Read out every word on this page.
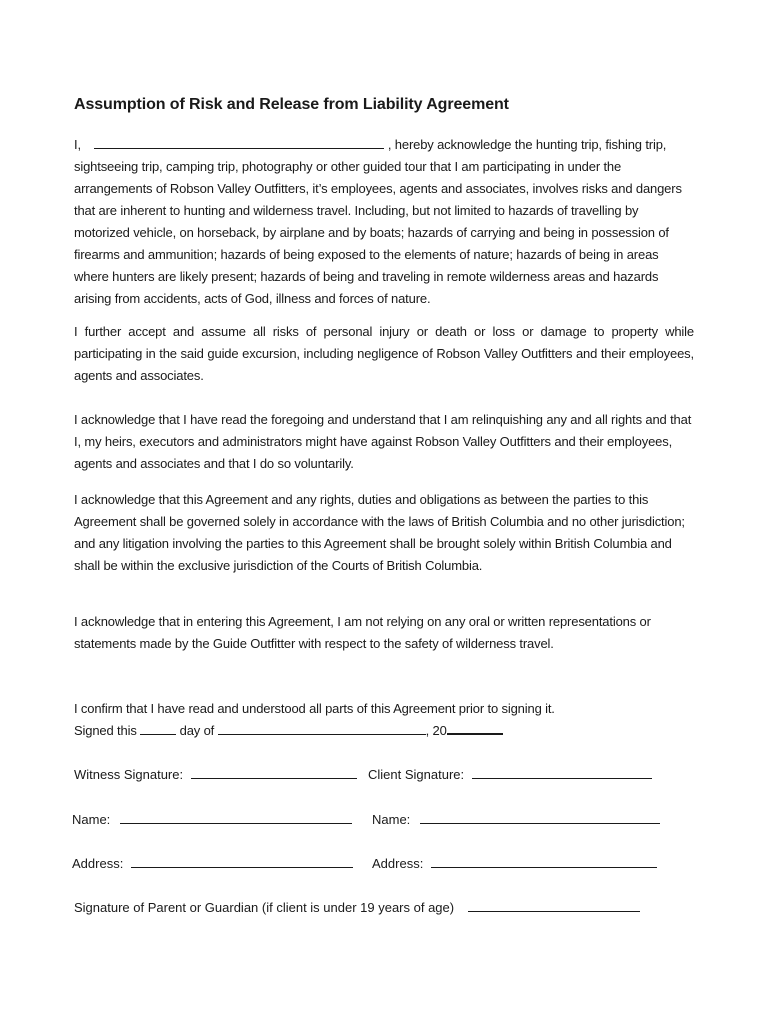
Assumption of Risk and Release from Liability Agreement
I,	, hereby acknowledge the hunting trip, fishing trip, sightseeing trip, camping trip, photography or other guided tour that I am participating in under the arrangements of Robson Valley Outfitters, it’s employees, agents and associates, involves risks and dangers that are inherent to hunting and wilderness travel. Including, but not limited to hazards of travelling by motorized vehicle, on horseback, by airplane and by boats; hazards of carrying and being in possession of firearms and ammunition; hazards of being exposed to the elements of nature; hazards of being in areas where hunters are likely present; hazards of being and traveling in remote wilderness areas and hazards arising from accidents, acts of God, illness and forces of nature.
I further accept and assume all risks of personal injury or death or loss or damage to property while participating in the said guide excursion, including negligence of Robson Valley Outfitters and their employees, agents and associates.
I acknowledge that I have read the foregoing and understand that I am relinquishing any and all rights and that I, my heirs, executors and administrators might have against Robson Valley Outfitters and their employees, agents and associates and that I do so voluntarily.
I acknowledge that this Agreement and any rights, duties and obligations as between the parties to this Agreement shall be governed solely in accordance with the laws of British Columbia and no other jurisdiction; and any litigation involving the parties to this Agreement shall be brought solely within British Columbia and shall be within the exclusive jurisdiction of the Courts of British Columbia.
I acknowledge that in entering this Agreement, I am not relying on any oral or written representations or statements made by the Guide Outfitter with respect to the safety of wilderness travel.
I confirm that I have read and understood all parts of this Agreement prior to signing it.
Signed this	day of	, 20
Witness Signature:	Client Signature:
Name:	Name:
Address:	Address:
Signature of Parent or Guardian (if client is under 19 years of age)
